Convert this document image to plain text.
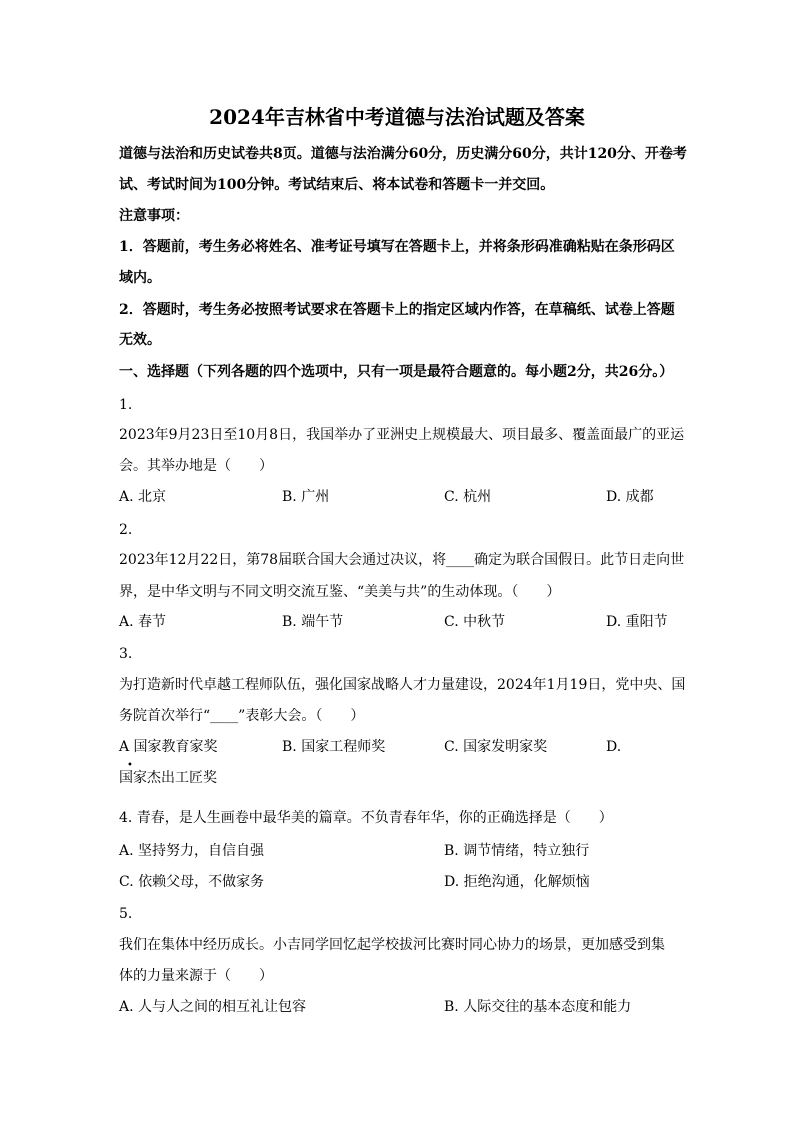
2024年吉林省中考道德与法治试题及答案
道德与法治和历史试卷共8页。道德与法治满分60分，历史满分60分，共计120分、开卷考
试、考试时间为100分钟。考试结束后、将本试卷和答题卡一并交回。
注意事项：
1．答题前，考生务必将姓名、准考证号填写在答题卡上，并将条形码准确粘贴在条形码区
域内。
2．答题时，考生务必按照考试要求在答题卡上的指定区域内作答，在草稿纸、试卷上答题
无效。
一、选择题（下列各题的四个选项中，只有一项是最符合题意的。每小题2分，共26分。）
1.
2023年9月23日至10月8日，我国举办了亚洲史上规模最大、项目最多、覆盖面最广的亚运
会。其举办地是（　　）
A. 北京	B. 广州	C. 杭州	D. 成都
2.
2023年12月22日，第78届联合国大会通过决议，将____确定为联合国假日。此节日走向世
界，是中华文明与不同文明交流互鉴、“美美与共”的生动体现。（　　）
A. 春节	B. 端午节	C. 中秋节	D. 重阳节
3.
为打造新时代卓越工程师队伍，强化国家战略人才力量建设，2024年1月19日，党中央、国
务院首次举行“____”表彰大会。（　　）
A 国家教育家奖	B. 国家工程师奖	C. 国家发明家奖	D.
•
国家杰出工匠奖
4. 青春，是人生画卷中最华美的篇章。不负青春年华，你的正确选择是（　　）
A. 坚持努力，自信自强	B. 调节情绪，特立独行
C. 依赖父母，不做家务	D. 拒绝沟通，化解烦恼
5.
我们在集体中经历成长。小吉同学回忆起学校拔河比赛时同心协力的场景，更加感受到集
体的力量来源于（　　）
A. 人与人之间的相互礼让包容	B. 人际交往的基本态度和能力
